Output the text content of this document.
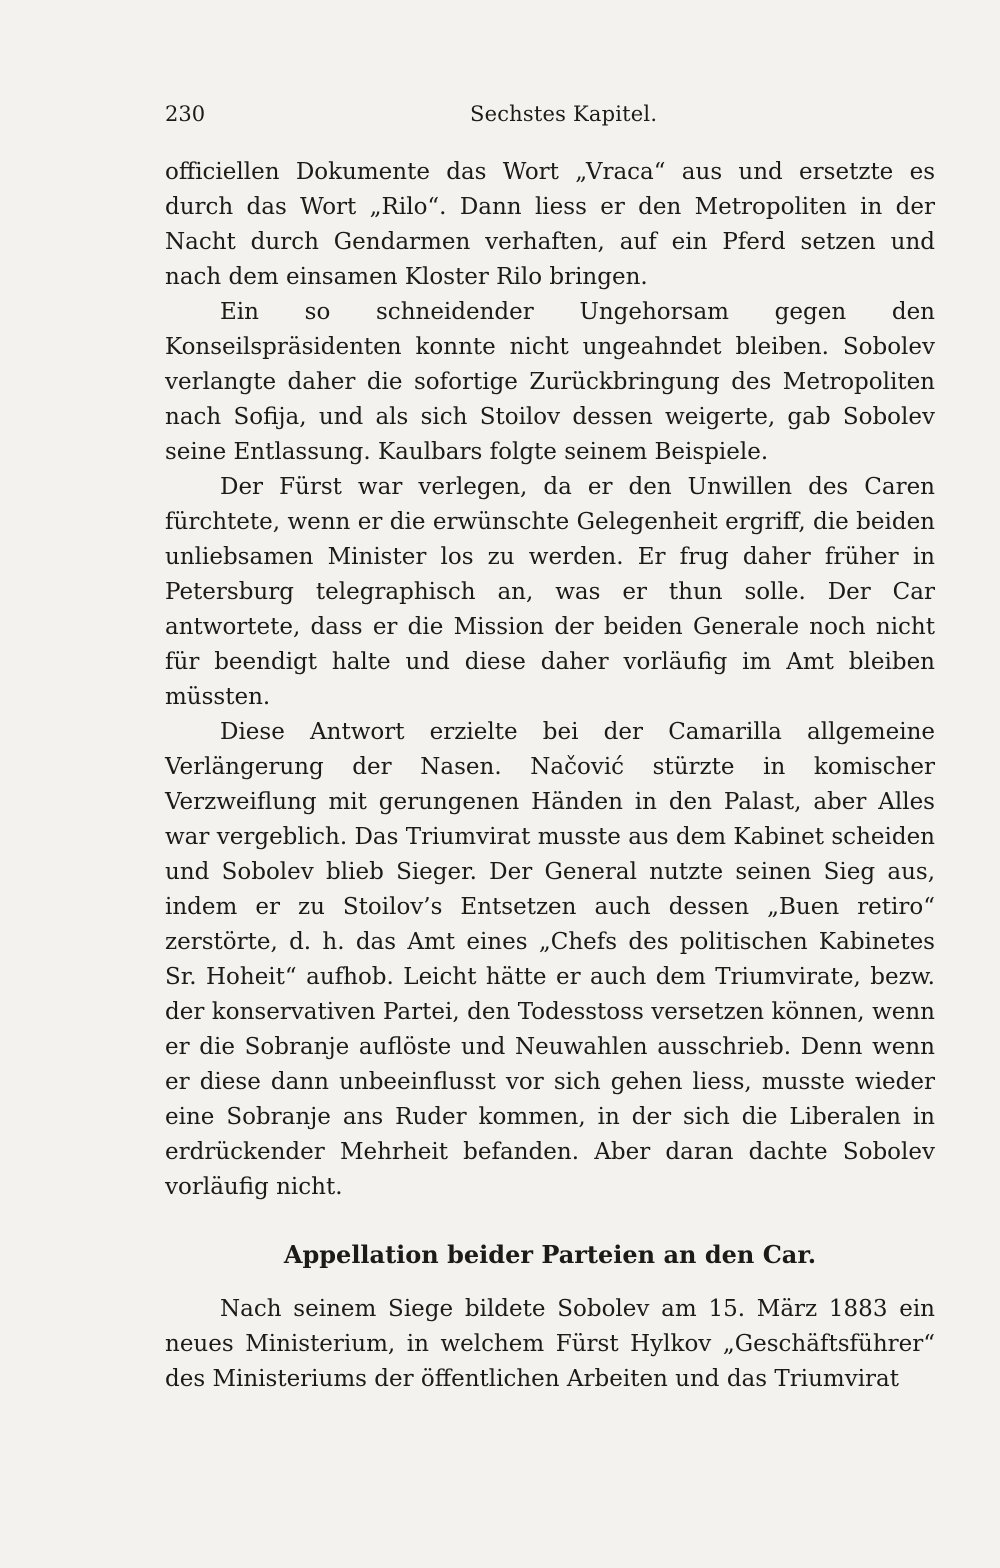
230	Sechstes Kapitel.

officiellen Dokumente das Wort „Vraca“ aus und ersetzte es durch das Wort „Rilo“. Dann liess er den Metropoliten in der Nacht durch Gendarmen verhaften, auf ein Pferd setzen und nach dem einsamen Kloster Rilo bringen.

Ein so schneidender Ungehorsam gegen den Konseilspräsidenten konnte nicht ungeahndet bleiben. Sobolev verlangte daher die sofortige Zurückbringung des Metropoliten nach Sofija, und als sich Stoilov dessen weigerte, gab Sobolev seine Entlassung. Kaulbars folgte seinem Beispiele.

Der Fürst war verlegen, da er den Unwillen des Caren fürchtete, wenn er die erwünschte Gelegenheit ergriff, die beiden unliebsamen Minister los zu werden. Er frug daher früher in Petersburg telegraphisch an, was er thun solle. Der Car antwortete, dass er die Mission der beiden Generale noch nicht für beendigt halte und diese daher vorläufig im Amt bleiben müssten.

Diese Antwort erzielte bei der Camarilla allgemeine Verlängerung der Nasen. Načović stürzte in komischer Verzweiflung mit gerungenen Händen in den Palast, aber Alles war vergeblich. Das Triumvirat musste aus dem Kabinet scheiden und Sobolev blieb Sieger. Der General nutzte seinen Sieg aus, indem er zu Stoilov’s Entsetzen auch dessen „Buen retiro“ zerstörte, d. h. das Amt eines „Chefs des politischen Kabinetes Sr. Hoheit“ aufhob. Leicht hätte er auch dem Triumvirate, bezw. der konservativen Partei, den Todesstoss versetzen können, wenn er die Sobranje auflöste und Neuwahlen ausschrieb. Denn wenn er diese dann unbeeinflusst vor sich gehen liess, musste wieder eine Sobranje ans Ruder kommen, in der sich die Liberalen in erdrückender Mehrheit befanden. Aber daran dachte Sobolev vorläufig nicht.

Appellation beider Parteien an den Car.

Nach seinem Siege bildete Sobolev am 15. März 1883 ein neues Ministerium, in welchem Fürst Hylkov „Geschäftsführer“ des Ministeriums der öffentlichen Arbeiten und das Triumvirat
